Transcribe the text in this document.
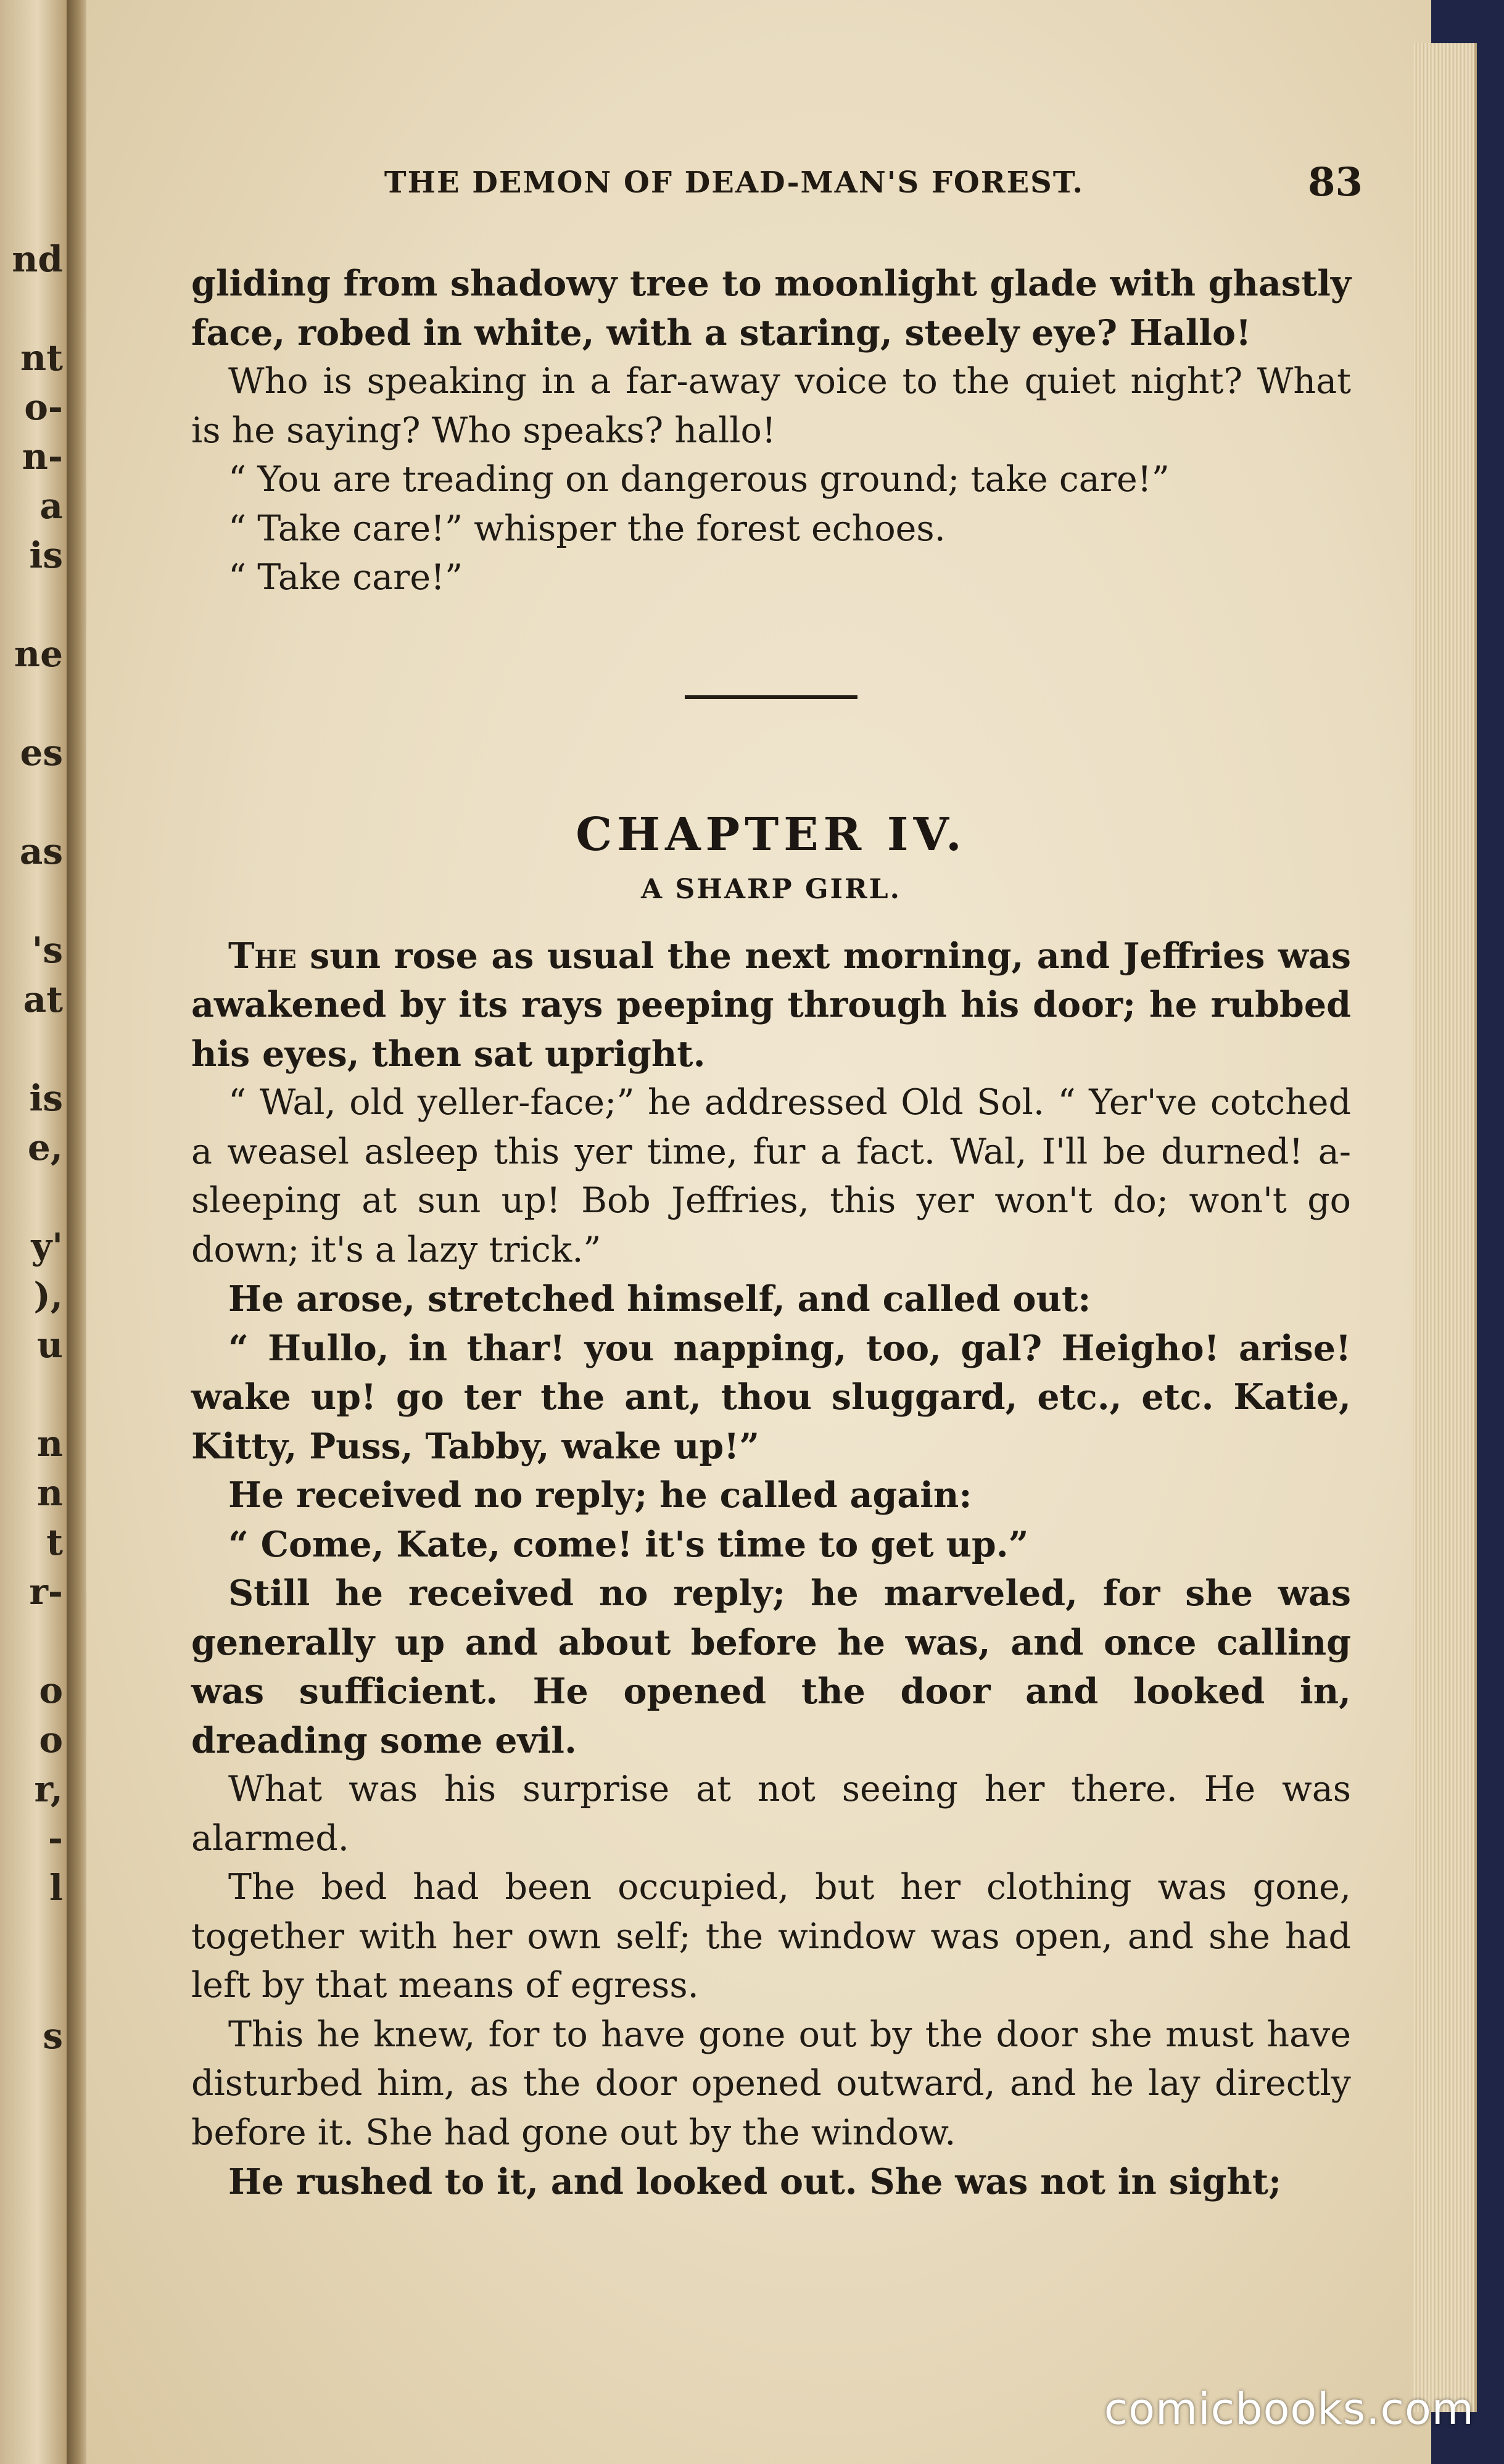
nd
nt
o-
n-
a
is
ne
es
as
's
at
is
e,
y'
),
u
n
n
t
r-
o
o
r,
-
l
s
THE DEMON OF DEAD-MAN'S FOREST.	83

gliding from shadowy tree to moonlight glade with ghastly face, robed in white, with a staring, steely eye? Hallo!

Who is speaking in a far-away voice to the quiet night? What is he saying? Who speaks? hallo!

“ You are treading on dangerous ground; take care!”

“ Take care!” whisper the forest echoes.

“ Take care!”

CHAPTER IV.
A SHARP GIRL.

The sun rose as usual the next morning, and Jeffries was awakened by its rays peeping through his door; he rubbed his eyes, then sat upright.

“ Wal, old yeller-face;” he addressed Old Sol. “ Yer've cotched a weasel asleep this yer time, fur a fact. Wal, I'll be durned! a-sleeping at sun up! Bob Jeffries, this yer won't do; won't go down; it's a lazy trick.”

He arose, stretched himself, and called out:

“ Hullo, in thar! you napping, too, gal? Heigho! arise! wake up! go ter the ant, thou sluggard, etc., etc. Katie, Kitty, Puss, Tabby, wake up!”

He received no reply; he called again:

“ Come, Kate, come! it's time to get up.”

Still he received no reply; he marveled, for she was generally up and about before he was, and once calling was sufficient. He opened the door and looked in, dreading some evil.

What was his surprise at not seeing her there. He was alarmed.

The bed had been occupied, but her clothing was gone, together with her own self; the window was open, and she had left by that means of egress.

This he knew, for to have gone out by the door she must have disturbed him, as the door opened outward, and he lay directly before it. She had gone out by the window.

He rushed to it, and looked out. She was not in sight;

comicbooks.com
